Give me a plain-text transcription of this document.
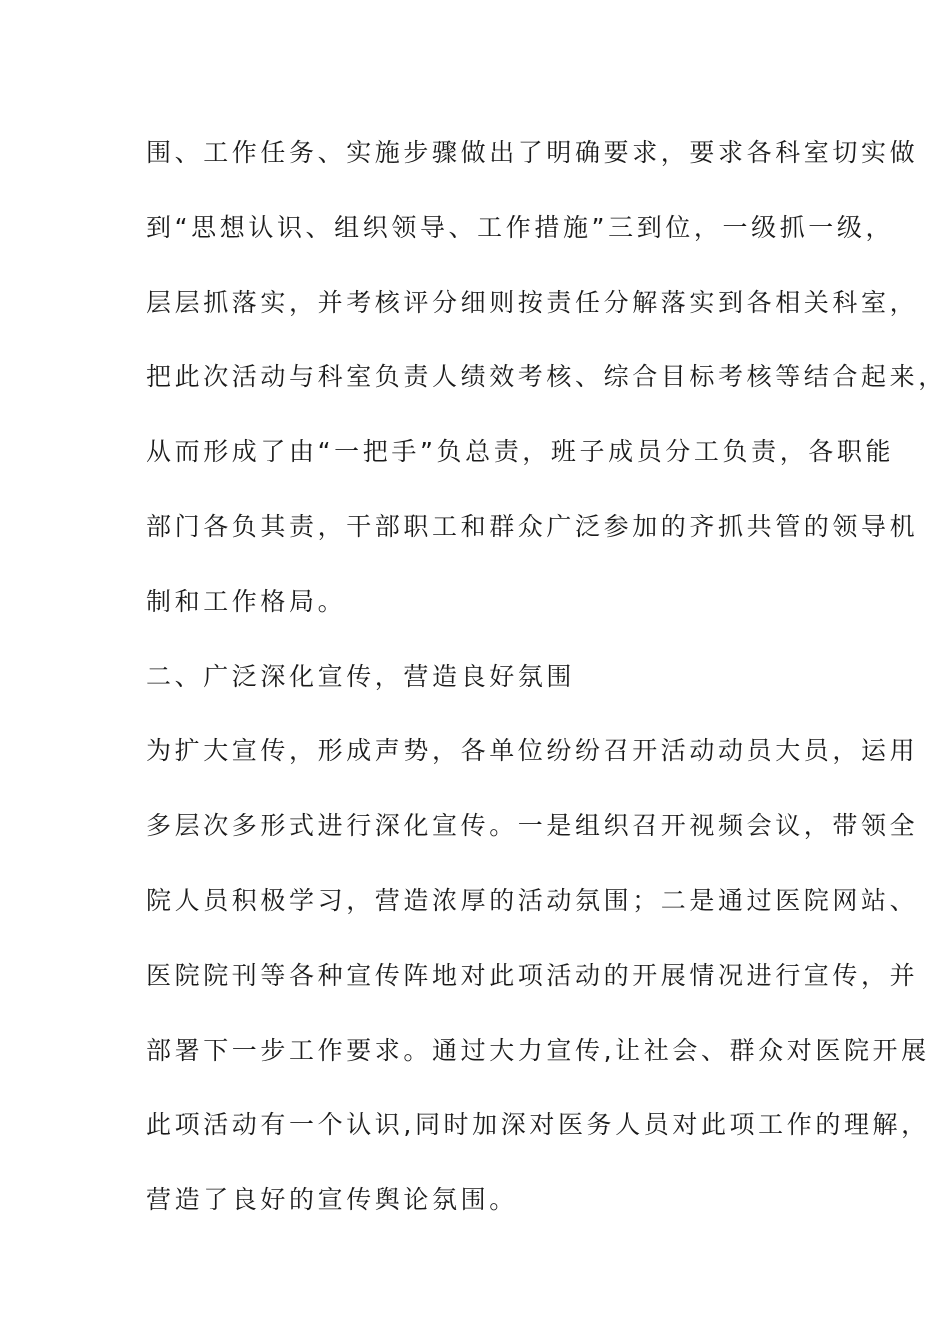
围、工作任务、实施步骤做出了明确要求，要求各科室切实做
到“思想认识、组织领导、工作措施”三到位，一级抓一级，
层层抓落实，并考核评分细则按责任分解落实到各相关科室，
把此次活动与科室负责人绩效考核、综合目标考核等结合起来，
从而形成了由“一把手”负总责，班子成员分工负责，各职能
部门各负其责，干部职工和群众广泛参加的齐抓共管的领导机
制和工作格局。
二、广泛深化宣传，营造良好氛围
为扩大宣传，形成声势，各单位纷纷召开活动动员大员，运用
多层次多形式进行深化宣传。一是组织召开视频会议，带领全
院人员积极学习，营造浓厚的活动氛围；二是通过医院网站、
医院院刊等各种宣传阵地对此项活动的开展情况进行宣传，并
部署下一步工作要求。通过大力宣传,让社会、群众对医院开展
此项活动有一个认识,同时加深对医务人员对此项工作的理解，
营造了良好的宣传舆论氛围。
